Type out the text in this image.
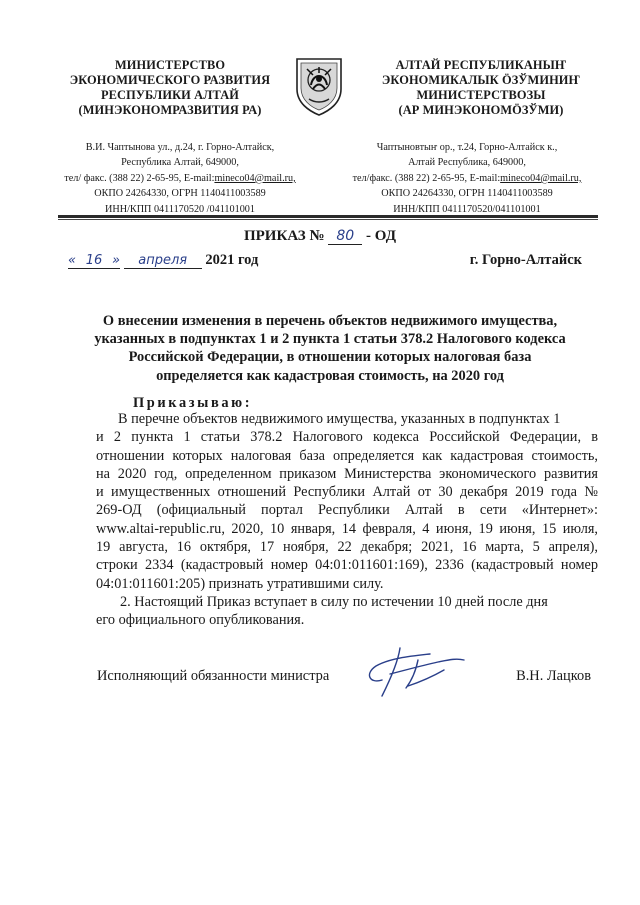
МИНИСТЕРСТВО
ЭКОНОМИЧЕСКОГО РАЗВИТИЯ
РЕСПУБЛИКИ АЛТАЙ
(МИНЭКОНОМРАЗВИТИЯ РА)
АЛТАЙ РЕСПУБЛИКАНЫҤ
ЭКОНОМИКАЛЫК ÖЗЎМИНИҤ
МИНИСТЕРСТВОЗЫ
(АР МИНЭКОНОМÖЗЎМИ)
В.И. Чаптынова ул., д.24, г. Горно-Алтайск,
Республика Алтай, 649000,
тел/ факс. (388 22) 2-65-95, E-mail:mineco04@mail.ru,
ОКПО 24264330, ОГРН 1140411003589
ИНН/КПП 0411170520 /041101001
Чаптыновтыҥ ор., т.24, Горно-Алтайск к.,
Алтай Республика, 649000,
тел/факс. (388 22) 2-65-95, E-mail:mineco04@mail.ru,
ОКПО 24264330, ОГРН 1140411003589
ИНН/КПП 0411170520/041101001
ПРИКАЗ № 80 - ОД
« 16 » апреля 2021 год	г. Горно-Алтайск
О внесении изменения в перечень объектов недвижимого имущества,
указанных в подпунктах 1 и 2 пункта 1 статьи 378.2 Налогового кодекса
Российской Федерации, в отношении которых налоговая база
определяется как кадастровая стоимость, на 2020 год
Приказываю:
В перечне объектов недвижимого имущества, указанных в подпунктах 1
и 2 пункта 1 статьи 378.2 Налогового кодекса Российской Федерации, в
отношении которых налоговая база определяется как кадастровая стоимость,
на 2020 год, определенном приказом Министерства экономического развития
и имущественных отношений Республики Алтай от 30 декабря 2019 года №
269-ОД (официальный портал Республики Алтай в сети «Интернет»:
www.altai-republic.ru, 2020, 10 января, 14 февраля, 4 июня, 19 июня, 15 июля,
19 августа, 16 октября, 17 ноября, 22 декабря; 2021, 16 марта, 5 апреля),
строки 2334 (кадастровый номер 04:01:011601:169), 2336 (кадастровый номер
04:01:011601:205) признать утратившими силу.
2. Настоящий Приказ вступает в силу по истечении 10 дней после дня
его официального опубликования.
Исполняющий обязанности министра	В.Н. Лацков
